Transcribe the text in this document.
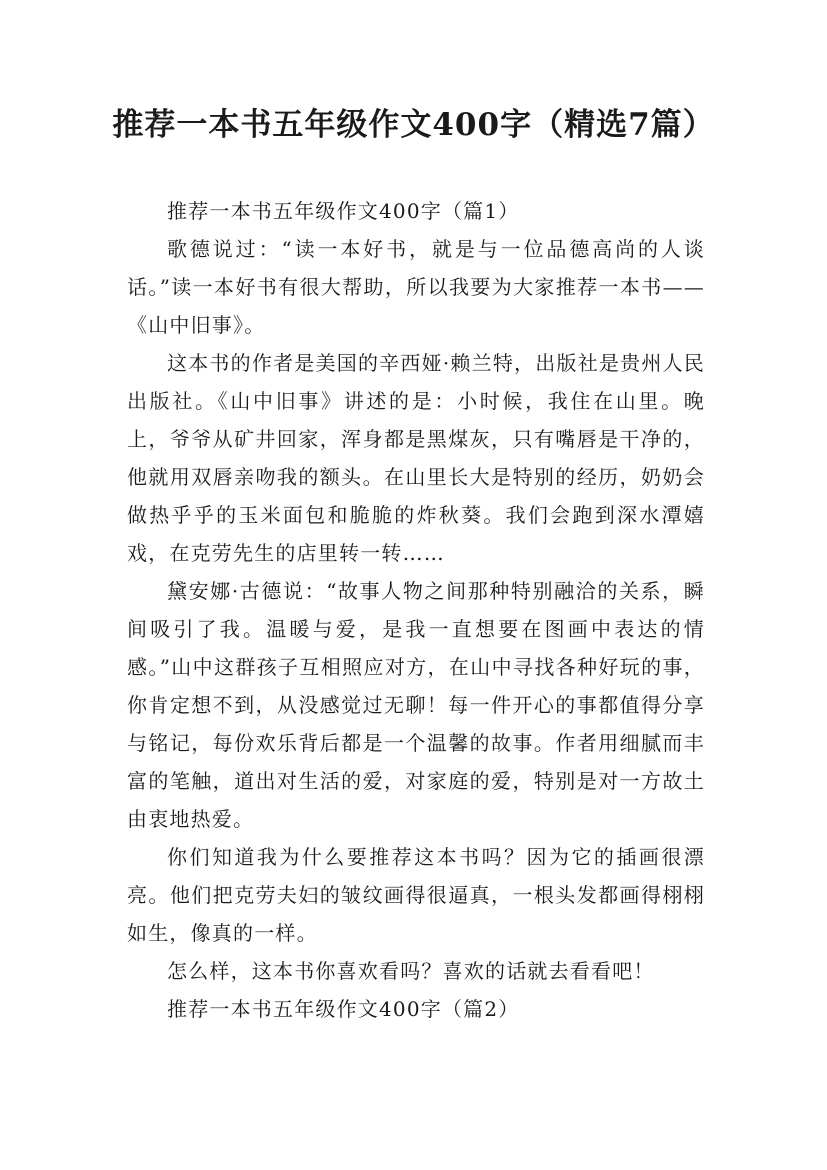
推荐一本书五年级作文400字（精选7篇）

推荐一本书五年级作文400字（篇1）

歌德说过：“读一本好书，就是与一位品德高尚的人谈话。”读一本好书有很大帮助，所以我要为大家推荐一本书——《山中旧事》。

这本书的作者是美国的辛西娅·赖兰特，出版社是贵州人民出版社。《山中旧事》讲述的是：小时候，我住在山里。晚上，爷爷从矿井回家，浑身都是黑煤灰，只有嘴唇是干净的，他就用双唇亲吻我的额头。在山里长大是特别的经历，奶奶会做热乎乎的玉米面包和脆脆的炸秋葵。我们会跑到深水潭嬉戏，在克劳先生的店里转一转……

黛安娜·古德说：“故事人物之间那种特别融洽的关系，瞬间吸引了我。温暖与爱，是我一直想要在图画中表达的情感。”山中这群孩子互相照应对方，在山中寻找各种好玩的事，你肯定想不到，从没感觉过无聊！每一件开心的事都值得分享与铭记，每份欢乐背后都是一个温馨的故事。作者用细腻而丰富的笔触，道出对生活的爱，对家庭的爱，特别是对一方故土由衷地热爱。

你们知道我为什么要推荐这本书吗？因为它的插画很漂亮。他们把克劳夫妇的皱纹画得很逼真，一根头发都画得栩栩如生，像真的一样。

怎么样，这本书你喜欢看吗？喜欢的话就去看看吧！

推荐一本书五年级作文400字（篇2）
